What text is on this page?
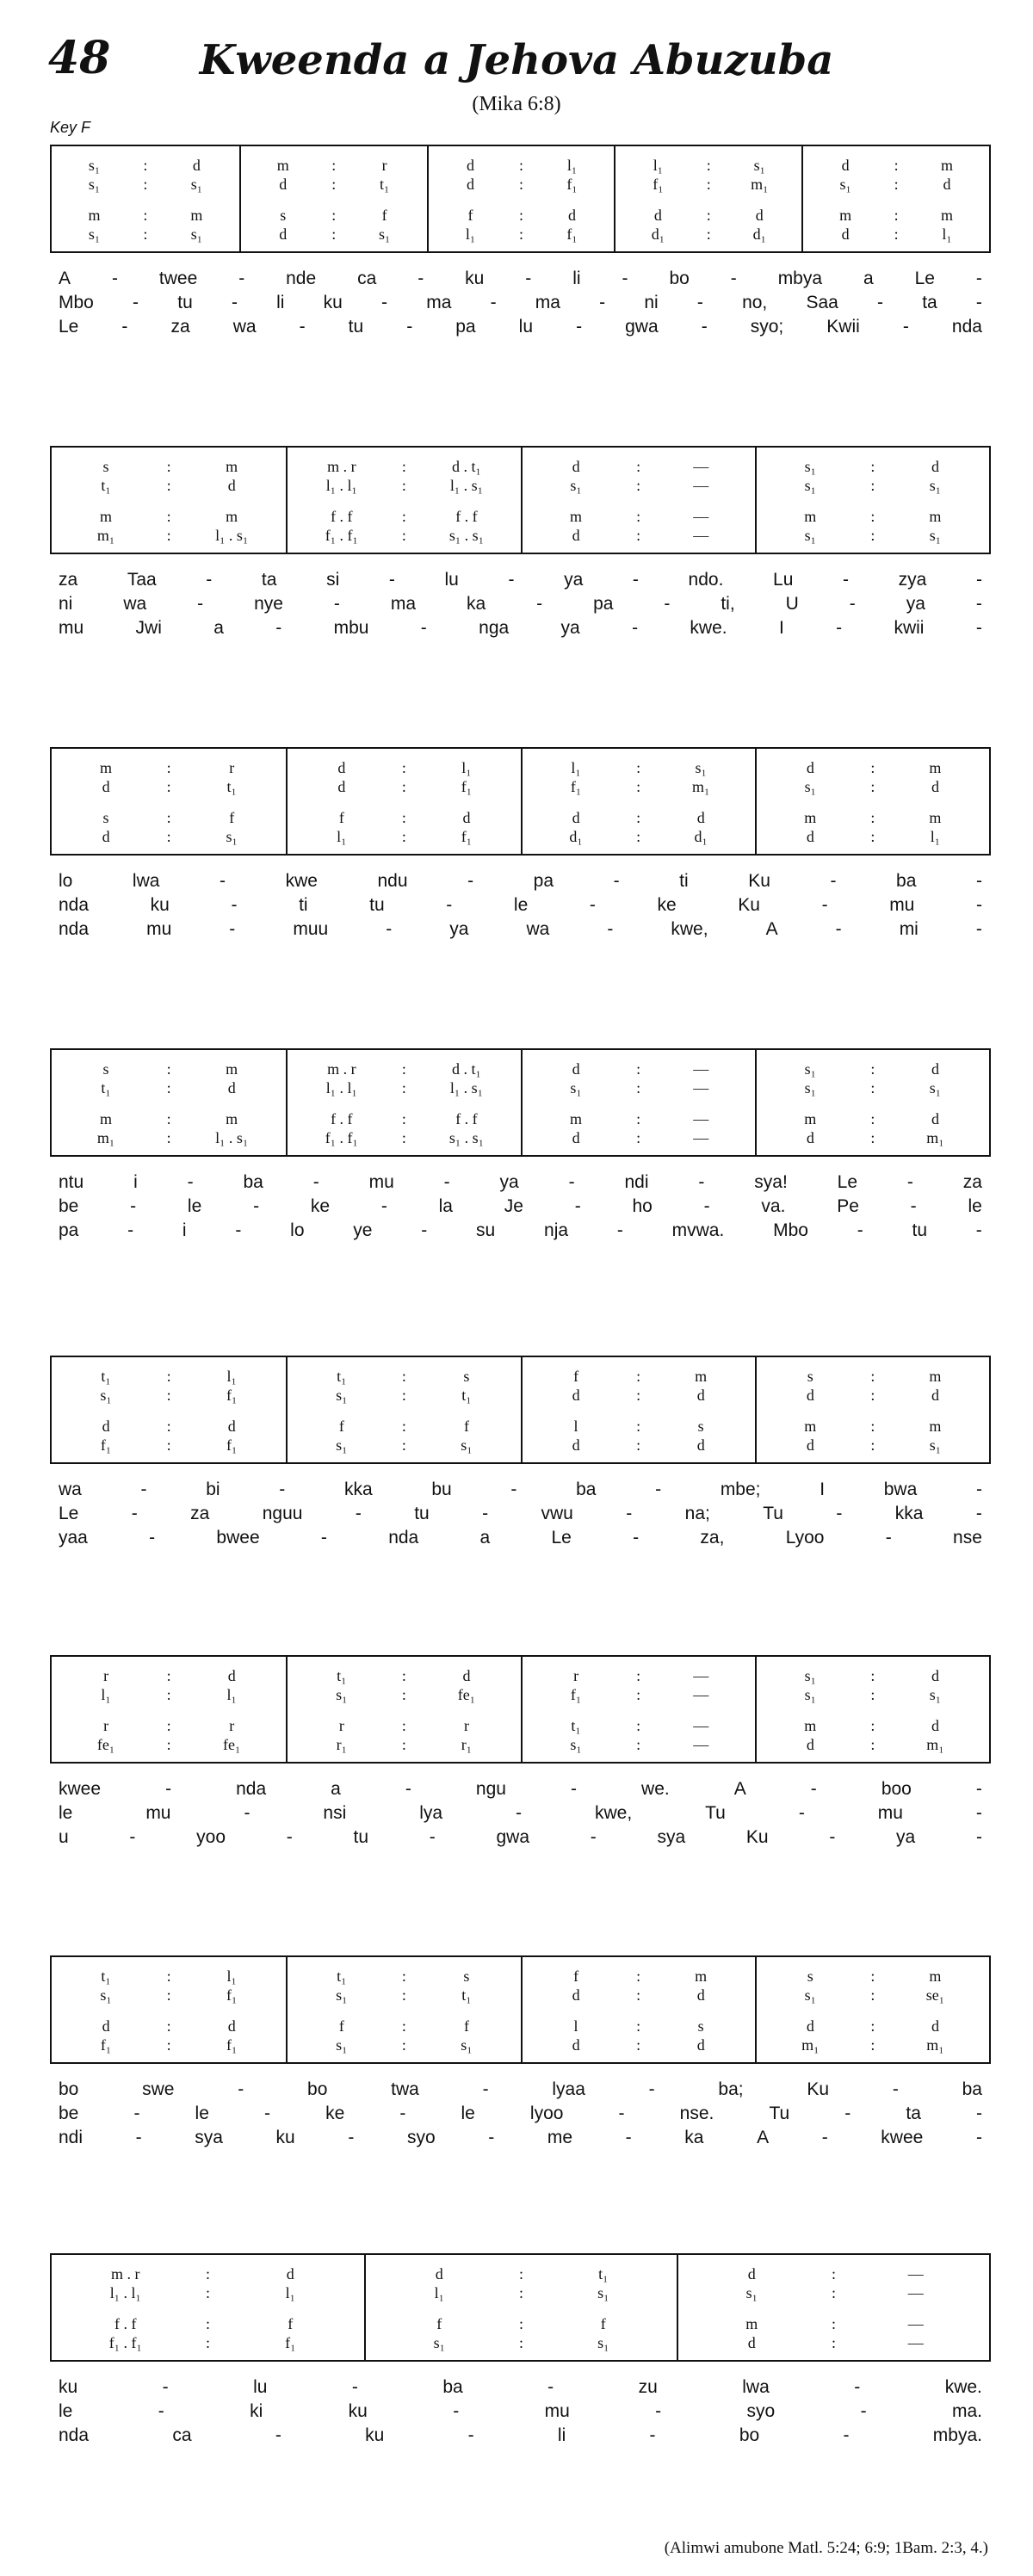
48	Kweenda a Jehova Abuzuba
(Mika 6:8)
Key F
s₁	:	d
s₁	:	s₁
m	:	m
s₁	:	s₁
m	:	r
d	:	t₁
s	:	f
d	:	s₁
d	:	l₁
d	:	f₁
f	:	d
l₁	:	f₁
l₁	:	s₁
f₁	:	m₁
d	:	d
d₁	:	d₁
d	:	m
s₁	:	d
m	:	m
d	:	l₁
A - twee - nde ca - ku - li - bo - mbya a Le -
Mbo - tu - li ku - ma - ma - ni - no, Saa - ta -
Le - za wa - tu - pa lu - gwa - syo; Kwii - nda
s	:	m
t₁	:	d
m	:	m
m₁	:	l₁ . s₁
m . r	:	d . t₁
l₁ . l₁	:	l₁ . s₁
f . f	:	f . f
f₁ . f₁	:	s₁ . s₁
d	:	—
s₁	:	—
m	:	—
d	:	—
s₁	:	d
s₁	:	s₁
m	:	m
s₁	:	s₁
za	Taa	-	ta	si	-	lu	-	ya	-	ndo.	Lu	-	zya	-
ni	wa	-	nye	-	ma	ka	-	pa	-	ti,	U	-	ya	-
mu	Jwi	a	-	mbu	-	nga	ya	-	kwe.	I	-	kwii	-
m	:	r
d	:	t₁
s	:	f
d	:	s₁
d	:	l₁
d	:	f₁
f	:	d
l₁	:	f₁
l₁	:	s₁
f₁	:	m₁
d	:	d
d₁	:	d₁
d	:	m
s₁	:	d
m	:	m
d	:	l₁
lo	lwa	-	kwe	ndu	-	pa	-	ti	Ku	-	ba	-
nda	ku	-	ti	tu	-	le	-	ke	Ku	-	mu	-
nda	mu	-	muu	-	ya	wa	-	kwe,	A	-	mi	-
s	:	m
t₁	:	d
m	:	m
m₁	:	l₁ . s₁
m . r	:	d . t₁
l₁ . l₁	:	l₁ . s₁
f . f	:	f . f
f₁ . f₁	:	s₁ . s₁
d	:	—
s₁	:	—
m	:	—
d	:	—
s₁	:	d
s₁	:	s₁
m	:	d
d	:	m₁
ntu	i	-	ba	-	mu	-	ya	-	ndi	-	sya!	Le	-	za
be	-	le	-	ke	-	la	Je	-	ho	-	va.	Pe	-	le
pa	-	i	-	lo	ye	-	su	nja	-	mvwa.	Mbo	-	tu	-
t₁	:	l₁
s₁	:	f₁
d	:	d
f₁	:	f₁
t₁	:	s
s₁	:	t₁
f	:	f
s₁	:	s₁
f	:	m
d	:	d
l	:	s
d	:	d
s	:	m
d	:	d
m	:	m
d	:	s₁
wa	-	bi	-	kka	bu	-	ba	-	mbe;	I	bwa	-
Le	-	za	nguu	-	tu	-	vwu	-	na;	Tu	-	kka	-
yaa	-	bwee	-	nda	a	Le	-	za,	Lyoo	-	nse
r	:	d
l₁	:	l₁
r	:	r
fe₁	:	fe₁
t₁	:	d
s₁	:	fe₁
r	:	r
r₁	:	r₁
r	:	—
f₁	:	—
t₁	:	—
s₁	:	—
s₁	:	d
s₁	:	s₁
m	:	d
d	:	m₁
kwee	-	nda	a	-	ngu	-	we.	A	-	boo	-
le	mu	-	nsi	lya	-	kwe,	Tu	-	mu	-
u	-	yoo	-	tu	-	gwa	-	sya	Ku	-	ya	-
t₁	:	l₁
s₁	:	f₁
d	:	d
f₁	:	f₁
t₁	:	s
s₁	:	t₁
f	:	f
s₁	:	s₁
f	:	m
d	:	d
l	:	s
d	:	d
s	:	m
s₁	:	se₁
d	:	d
m₁	:	m₁
bo	swe	-	bo	twa	-	lyaa	-	ba;	Ku	-	ba
be	-	le	-	ke	-	le	lyoo	-	nse.	Tu	-	ta	-
ndi	-	sya	ku	-	syo	-	me	-	ka	A	-	kwee	-
m . r	:	d
l₁ . l₁	:	l₁
f . f	:	f
f₁ . f₁	:	f₁
d	:	t₁
l₁	:	s₁
f	:	f
s₁	:	s₁
d	:	—
s₁	:	—
m	:	—
d	:	—
ku	-	lu	-	ba	-	zu	lwa	-	kwe.
le	-	ki	ku	-	mu	-	syo	-	ma.
nda	ca	-	ku	-	li	-	bo	-	mbya.
(Alimwi amubone Matl. 5:24; 6:9; 1Bam. 2:3, 4.)
